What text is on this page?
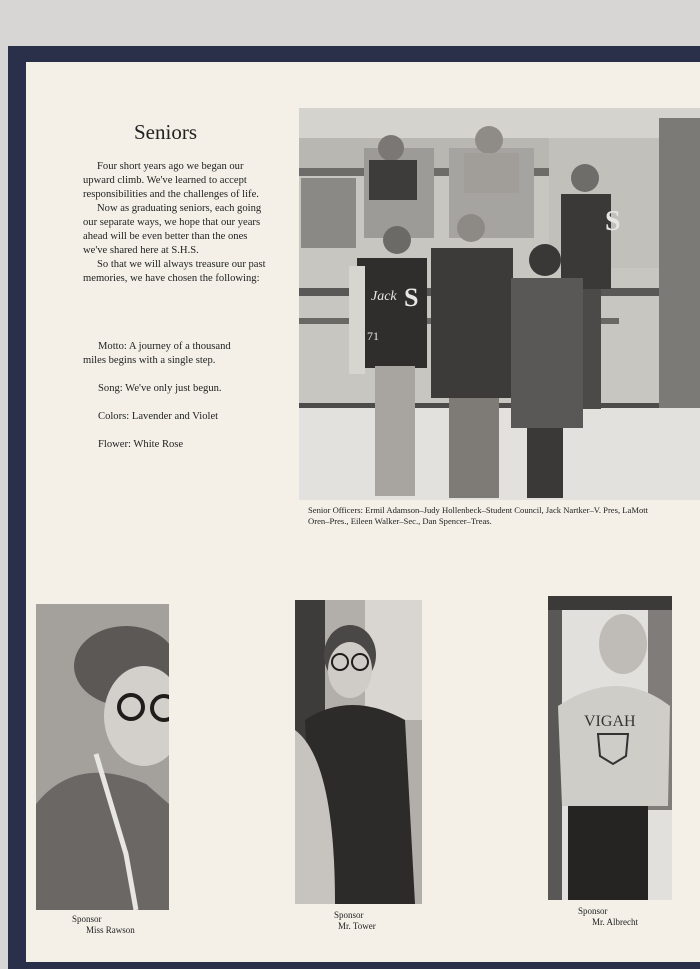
Seniors

Four short years ago we began our upward climb. We've learned to accept responsibilities and the challenges of life.

Now as graduating seniors, each going our separate ways, we hope that our years ahead will be even better than the ones we've shared here at S.H.S.

So that we will always treasure our past memories, we have chosen the following:

Motto: A journey of a thousand
miles begins with a single step.

Song: We've only just begun.

Colors: Lavender and Violet

Flower: White Rose

S
Jack S
71
Senior Officers: Ermil Adamson–Judy Hollenbeck–Student Council, Jack Nartker–V. Pres, LaMott Oren–Pres., Eileen Walker–Sec., Dan Spencer–Treas.
Sponsor
Miss Rawson
Sponsor
Mr. Tower
VIGAH
Sponsor
Mr. Albrecht
